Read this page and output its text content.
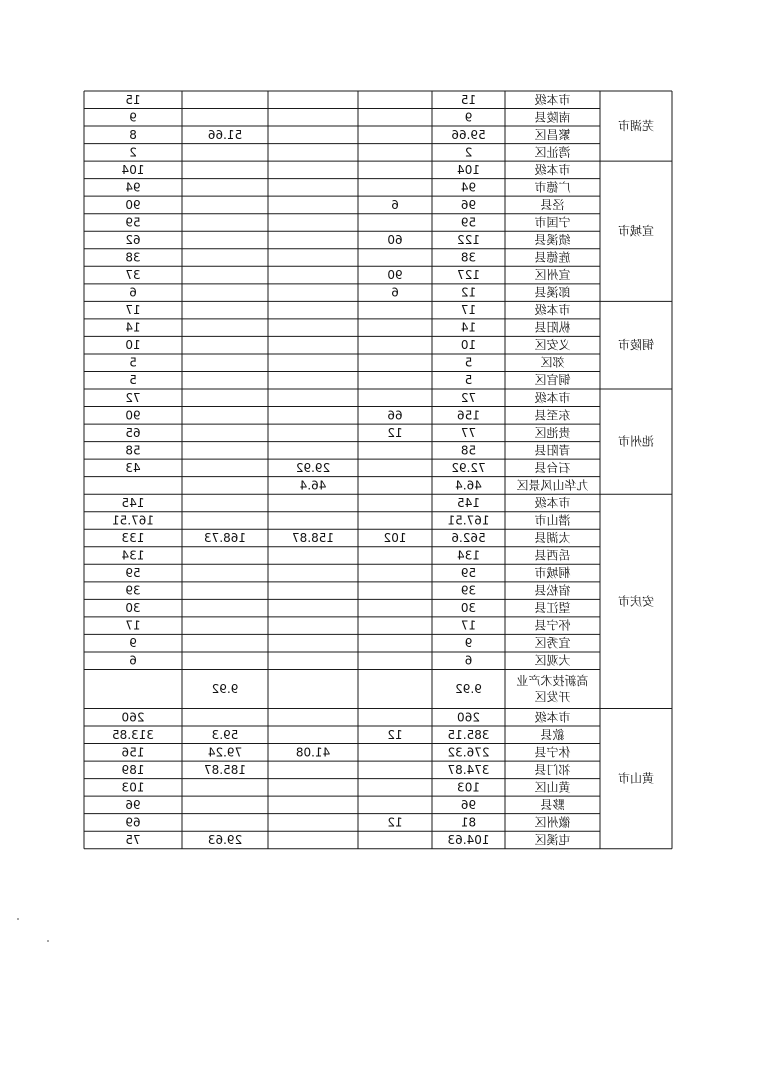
市本级
15
15
南陵县
9
9
繁昌区
59.66
51.66
8
湾沚区
2
2
市本级
104
104
广德市
94
94
泾县
96
6
90
宁国市
59
59
绩溪县
122
60
62
旌德县
38
38
宣州区
127
90
37
郎溪县
12
6
6
市本级
17
17
枞阳县
14
14
义安区
10
10
郊区
5
5
铜官区
5
5
市本级
72
72
东至县
156
66
90
贵池区
77
12
65
青阳县
58
58
石台县
72.92
29.92
43
九华山风景区
46.4
46.4
市本级
145
145
潜山市
167.51
167.51
太湖县
562.6
102
158.87
168.73
133
岳西县
134
134
桐城市
59
59
宿松县
39
39
望江县
30
30
怀宁县
17
17
宜秀区
9
9
大观区
6
6
高新技术产业
开发区
9.92
9.92
市本级
260
260
歙县
385.15
12
59.3
313.85
休宁县
276.32
41.08
79.24
156
祁门县
374.87
185.87
189
黄山区
103
103
黟县
96
96
徽州区
81
12
69
屯溪区
104.63
29.63
75
芜湖市
宣城市
铜陵市
池州市
安庆市
黄山市
